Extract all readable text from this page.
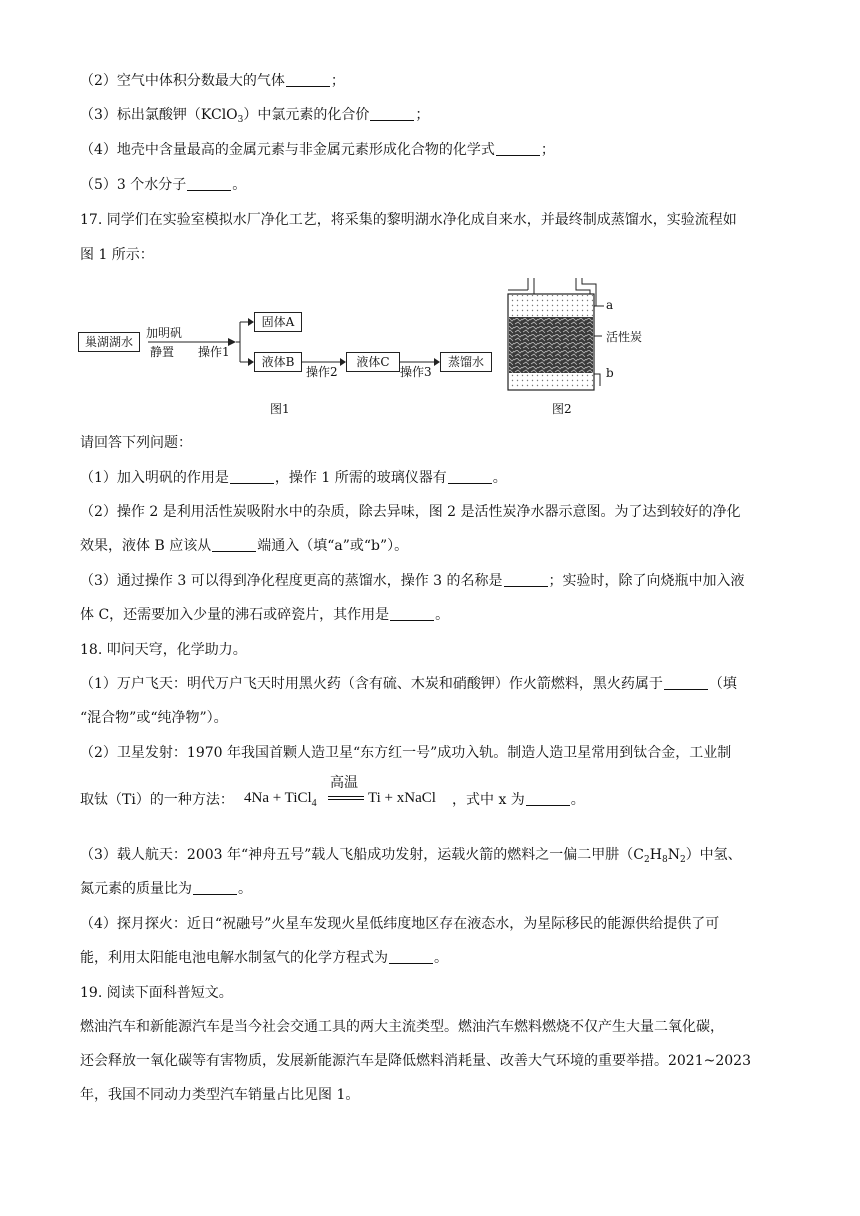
（2）空气中体积分数最大的气体	；
（3）标出氯酸钾（KClO$_3$）中氯元素的化合价	；
（4）地壳中含量最高的金属元素与非金属元素形成化合物的化学式	；
（5）3 个水分子	。
17. 同学们在实验室模拟水厂净化工艺，将采集的黎明湖水净化成自来水，并最终制成蒸馏水，实验流程如
图 1 所示：
巢湖湖水
加明矾
静置 操作1
固体A
液体B
操作2
液体C
操作3
蒸馏水
图1
a
活性炭
b
图2
请回答下列问题：
（1）加入明矾的作用是	，操作 1 所需的玻璃仪器有	。
（2）操作 2 是利用活性炭吸附水中的杂质，除去异味，图 2 是活性炭净水器示意图。为了达到较好的净化
效果，液体 B 应该从	端通入（填“a”或“b”）。
（3）通过操作 3 可以得到净化程度更高的蒸馏水，操作 3 的名称是	；实验时，除了向烧瓶中加入液
体 C，还需要加入少量的沸石或碎瓷片，其作用是	。
18. 叩问天穹，化学助力。
（1）万户飞天：明代万户飞天时用黑火药（含有硫、木炭和硝酸钾）作火箭燃料，黑火药属于	（填
“混合物”或“纯净物”）。
（2）卫星发射：1970 年我国首颗人造卫星“东方红一号”成功入轨。制造人造卫星常用到钛合金，工业制
取钛（Ti）的一种方法： 4Na + TiCl$_4$
高温
Ti + xNaCl ，式中 x 为	。
（3）载人航天：2003 年“神舟五号”载人飞船成功发射，运载火箭的燃料之一偏二甲肼$(C_2H_8N_2)$中氢、
氮元素的质量比为	。
（4）探月探火：近日“祝融号”火星车发现火星低纬度地区存在液态水，为星际移民的能源供给提供了可
能，利用太阳能电池电解水制氢气的化学方程式为	。
19. 阅读下面科普短文。
燃油汽车和新能源汽车是当今社会交通工具的两大主流类型。燃油汽车燃料燃烧不仅产生大量二氧化碳，
还会释放一氧化碳等有害物质，发展新能源汽车是降低燃料消耗量、改善大气环境的重要举措。2021~2023
年，我国不同动力类型汽车销量占比见图 1。
